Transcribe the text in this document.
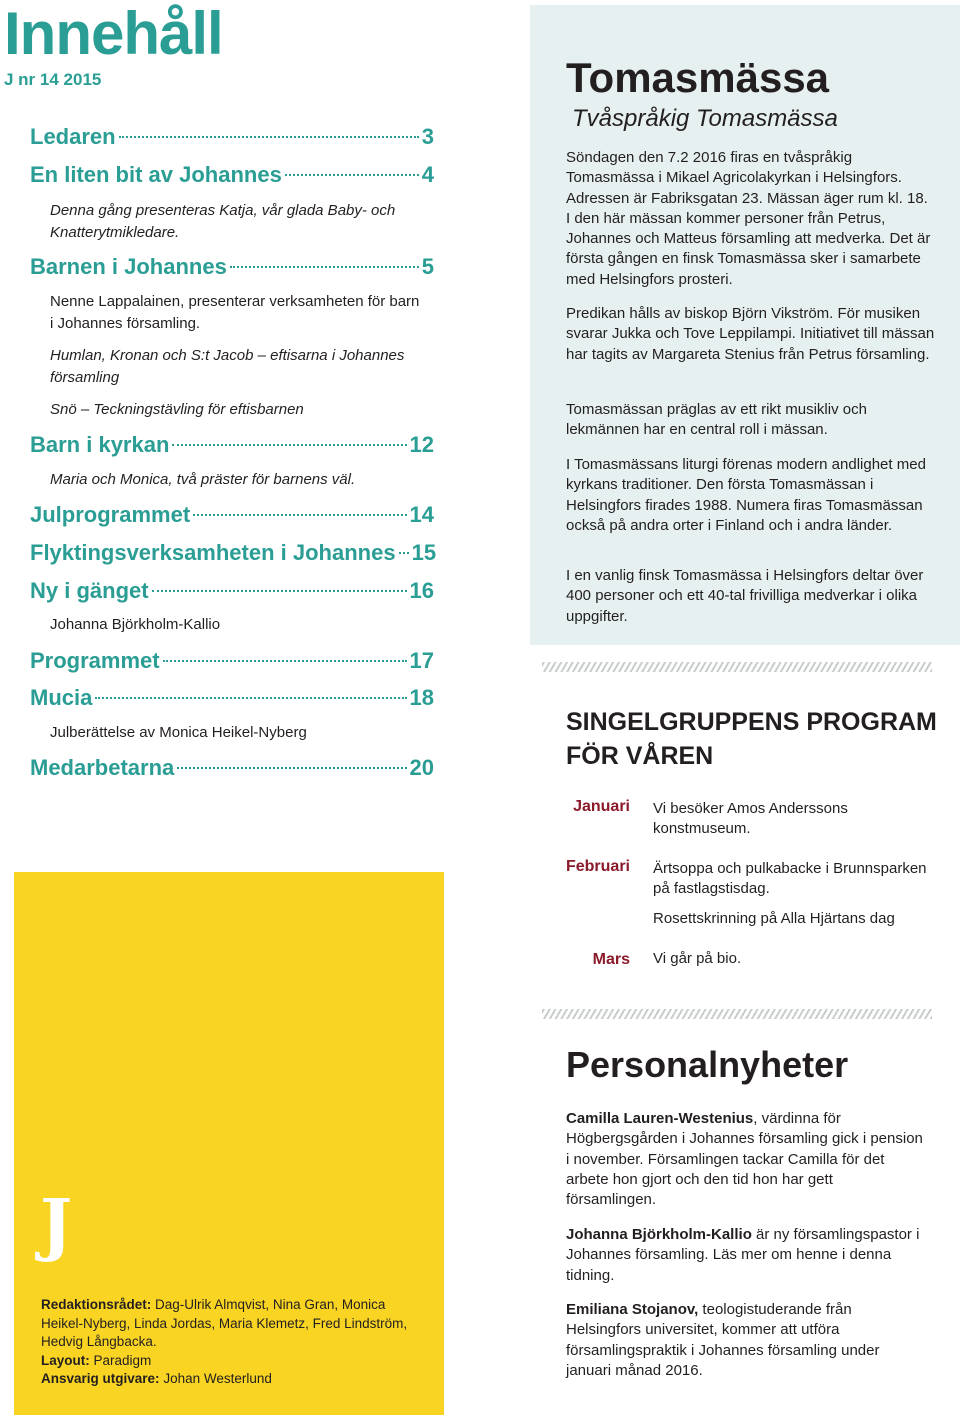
Innehåll
J nr 14 2015
Ledaren	3
En liten bit av Johannes	4
Denna gång presenteras Katja, vår glada Baby- och Knatterytmikledare.
Barnen i Johannes	5
Nenne Lappalainen, presenterar verksamheten för barn i Johannes församling.
Humlan, Kronan och S:t Jacob – eftisarna i Johannes församling
Snö – Teckningstävling för eftisbarnen
Barn i kyrkan	12
Maria och Monica, två präster för barnens väl.
Julprogrammet	14
Flyktingsverksamheten i Johannes 15
Ny i gänget	16
Johanna Björkholm-Kallio
Programmet	17
Mucia	18
Julberättelse av Monica Heikel-Nyberg
Medarbetarna	20
J
Redaktionsrådet: Dag-Ulrik Almqvist, Nina Gran, Monica Heikel-Nyberg, Linda Jordas, Maria Klemetz, Fred Lindström, Hedvig Långbacka.
Layout: Paradigm
Ansvarig utgivare: Johan Westerlund
Tomasmässa
Tvåspråkig Tomasmässa

Söndagen den 7.2 2016 firas en tvåspråkig Tomasmässa i Mikael Agricolakyrkan i Helsingfors. Adressen är Fabriksgatan 23. Mässan äger rum kl. 18. I den här mässan kommer personer från Petrus, Johannes och Matteus församling att medverka. Det är första gången en finsk Tomasmässa sker i samarbete med Helsingfors prosteri.

Predikan hålls av biskop Björn Vikström. För musiken svarar Jukka och Tove Leppilampi. Initiativet till mässan har tagits av Margareta Stenius från Petrus församling.

Tomasmässan präglas av ett rikt musikliv och lekmännen har en central roll i mässan.

I Tomasmässans liturgi förenas modern andlighet med kyrkans traditioner. Den första Tomasmässan i Helsingfors firades 1988. Numera firas Tomasmässan också på andra orter i Finland och i andra länder.

I en vanlig finsk Tomasmässa i Helsingfors deltar över 400 personer och ett 40-tal frivilliga medverkar i olika uppgifter.

SINGELGRUPPENS PROGRAM FÖR VÅREN
Januari Vi besöker Amos Anderssons konstmuseum.
Februari Ärtsoppa och pulkabacke i Brunnsparken på fastlagstisdag.
Rosettskrinning på Alla Hjärtans dag
Mars Vi går på bio.
Personalnyheter

Camilla Lauren-Westenius, värdinna för Högbergsgården i Johannes församling gick i pension i november. Församlingen tackar Camilla för det arbete hon gjort och den tid hon har gett församlingen.

Johanna Björkholm-Kallio är ny församlingspastor i Johannes församling. Läs mer om henne i denna tidning.

Emiliana Stojanov, teologistuderande från Helsingfors universitet, kommer att utföra församlingspraktik i Johannes församling under januari månad 2016.
